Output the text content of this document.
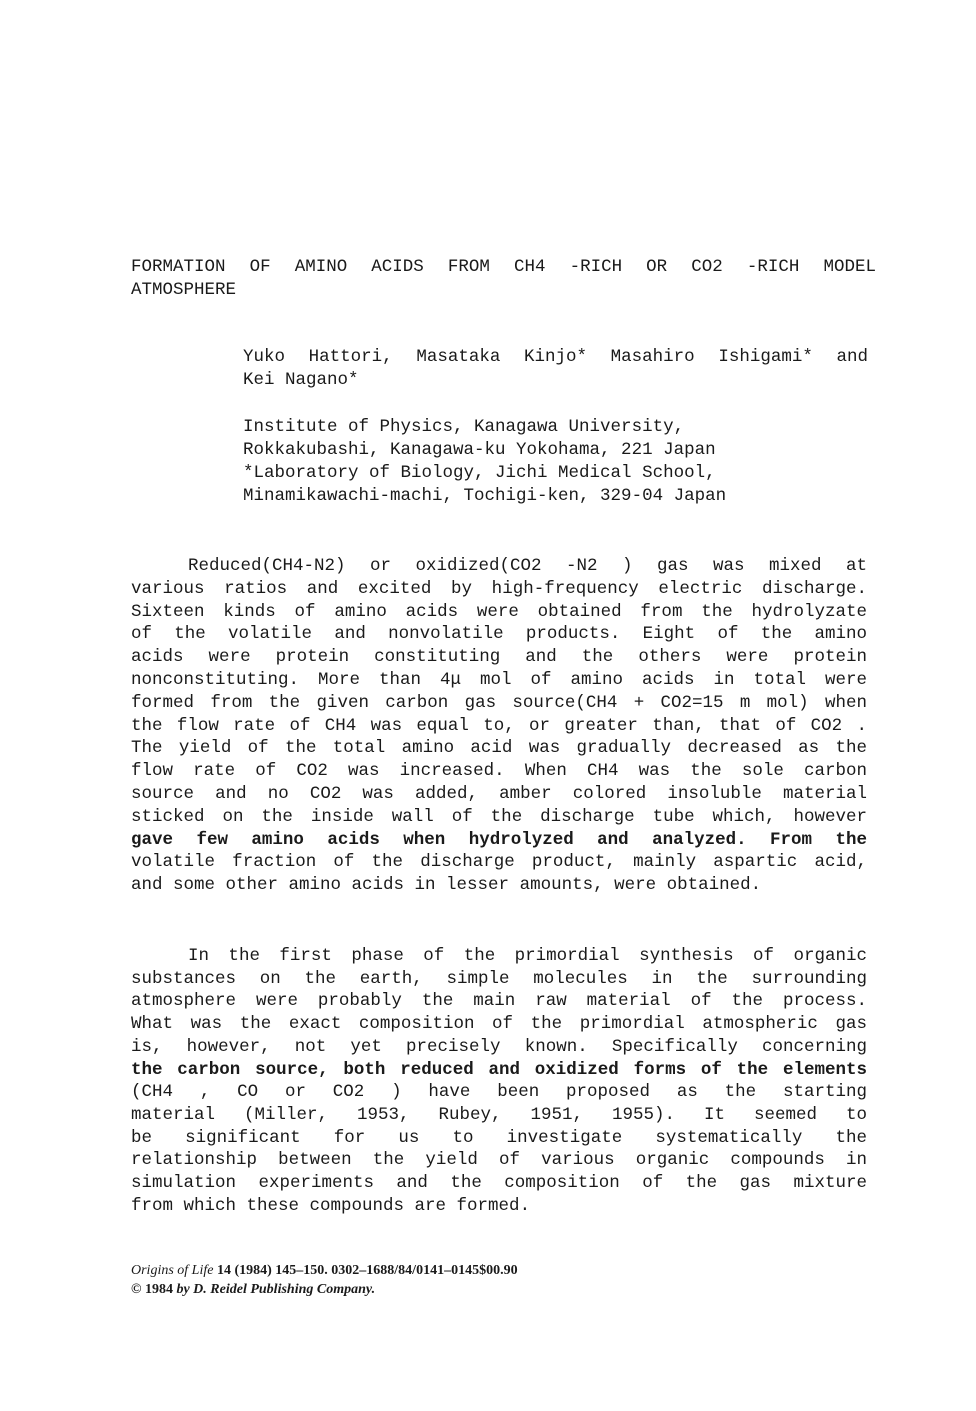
FORMATION OF AMINO ACIDS FROM CH4 -RICH OR CO2 -RICH MODEL
ATMOSPHERE
Yuko Hattori, Masataka Kinjo* Masahiro Ishigami* and
Kei Nagano*
Institute of Physics, Kanagawa University,
Rokkakubashi, Kanagawa-ku Yokohama, 221 Japan
*Laboratory of Biology, Jichi Medical School,
Minamikawachi-machi, Tochigi-ken, 329-04 Japan
Reduced(CH4-N2) or oxidized(CO2 -N2 ) gas was mixed at
various ratios and excited by high-frequency electric discharge.
Sixteen kinds of amino acids were obtained from the hydrolyzate
of the volatile and nonvolatile products. Eight of the amino
acids were protein constituting and the others were protein
nonconstituting. More than 4μ mol of amino acids in total were
formed from the given carbon gas source(CH4 + CO2=15 m mol) when
the flow rate of CH4 was equal to, or greater than, that of CO2 .
The yield of the total amino acid was gradually decreased as the
flow rate of CO2 was increased. When CH4 was the sole carbon
source and no CO2 was added, amber colored insoluble material
sticked on the inside wall of the discharge tube which, however
gave few amino acids when hydrolyzed and analyzed. From the
volatile fraction of the discharge product, mainly aspartic acid,
and some other amino acids in lesser amounts, were obtained.
In the first phase of the primordial synthesis of organic
substances on the earth, simple molecules in the surrounding
atmosphere were probably the main raw material of the process.
What was the exact composition of the primordial atmospheric gas
is, however, not yet precisely known. Specifically concerning
the carbon source, both reduced and oxidized forms of the elements
(CH4 , CO or CO2 ) have been proposed as the starting
material (Miller, 1953, Rubey, 1951, 1955). It seemed to
be significant for us to investigate systematically the
relationship between the yield of various organic compounds in
simulation experiments and the composition of the gas mixture
from which these compounds are formed.
Origins of Life 14 (1984) 145–150. 0302–1688/84/0141–0145$00.90
© 1984 by D. Reidel Publishing Company.
